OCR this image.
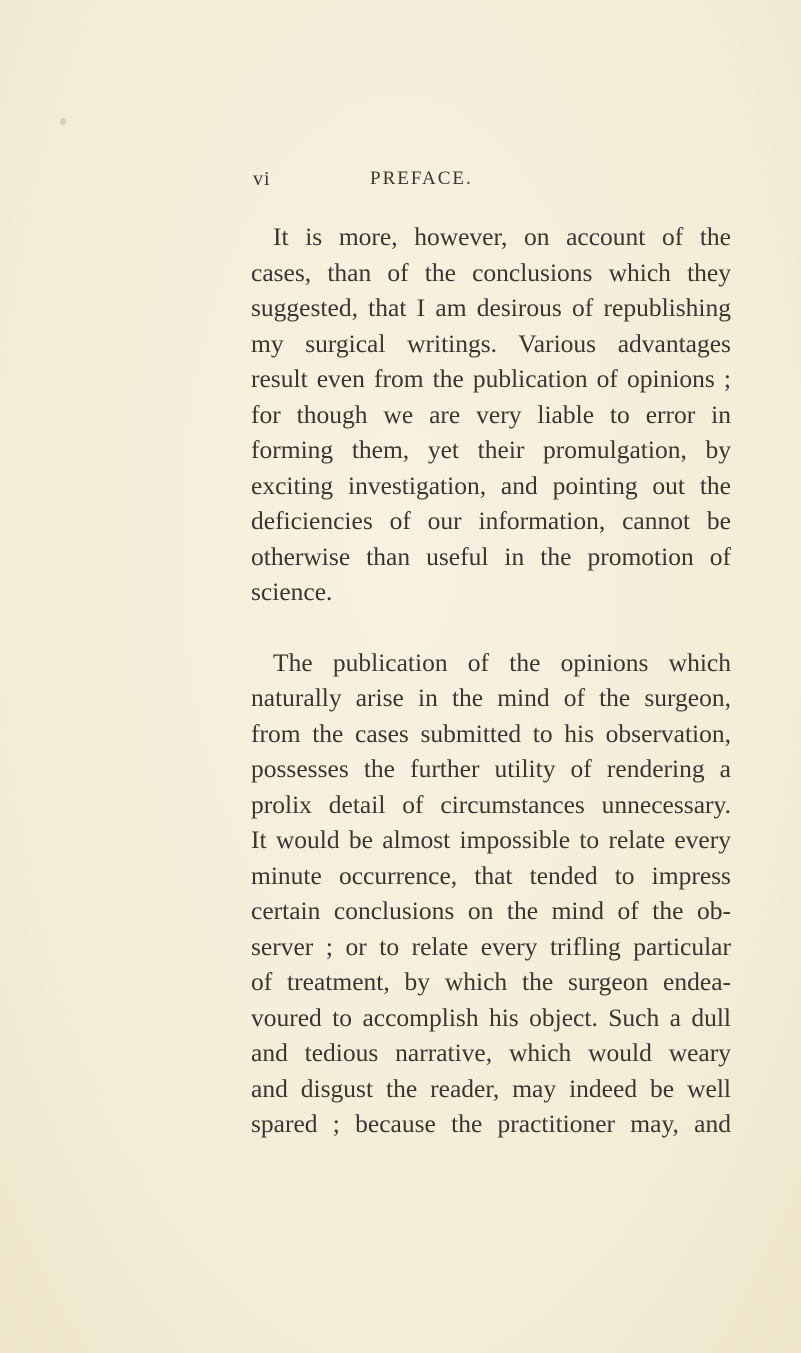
vi	PREFACE.
It is more, however, on account of the
cases, than of the conclusions which they
suggested, that I am desirous of republishing
my surgical writings. Various advantages
result even from the publication of opinions ;
for though we are very liable to error in
forming them, yet their promulgation, by
exciting investigation, and pointing out the
deficiencies of our information, cannot be
otherwise than useful in the promotion of
science.
The publication of the opinions which
naturally arise in the mind of the surgeon,
from the cases submitted to his observation,
possesses the further utility of rendering a
prolix detail of circumstances unnecessary.
It would be almost impossible to relate every
minute occurrence, that tended to impress
certain conclusions on the mind of the ob-
server ; or to relate every trifling particular
of treatment, by which the surgeon endea-
voured to accomplish his object. Such a dull
and tedious narrative, which would weary
and disgust the reader, may indeed be well
spared ; because the practitioner may, and
